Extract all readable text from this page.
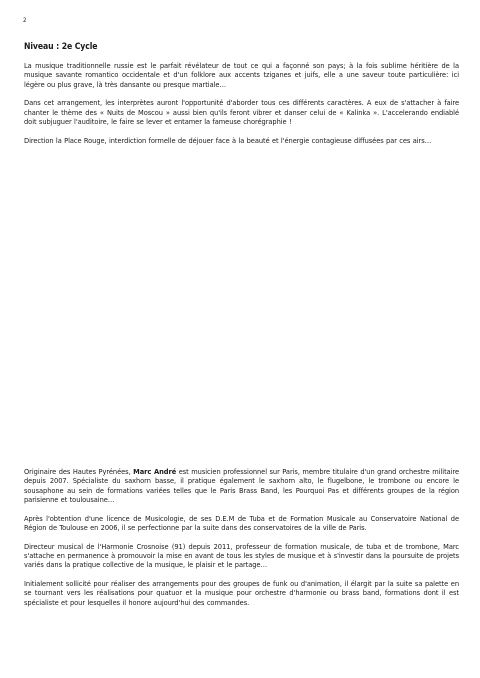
2
Niveau : 2e Cycle

La musique traditionnelle russie est le parfait révélateur de tout ce qui a façonné son pays; à la fois sublime héritière de la musique savante romantico occidentale et d'un folklore aux accents tziganes et juifs, elle a une saveur toute particulière: ici légère ou plus grave, là très dansante ou presque martiale…

Dans cet arrangement, les interprètes auront l'opportunité d'aborder tous ces différents caractères. A eux de s'attacher à faire chanter le thème des « Nuits de Moscou » aussi bien qu'ils feront vibrer et danser celui de « Kalinka ». L'accelerando endiablé doit subjuguer l'auditoire, le faire se lever et entamer la fameuse chorégraphie !

Direction la Place Rouge, interdiction formelle de déjouer face à la beauté et l'énergie contagieuse diffusées par ces airs…

Originaire des Hautes Pyrénées, Marc André est musicien professionnel sur Paris, membre titulaire d'un grand orchestre militaire depuis 2007. Spécialiste du saxhorn basse, il pratique également le saxhorn alto, le flugelbone, le trombone ou encore le sousaphone au sein de formations variées telles que le Paris Brass Band, les Pourquoi Pas et différents groupes de la région parisienne et toulousaine…

Après l'obtention d'une licence de Musicologie, de ses D.E.M de Tuba et de Formation Musicale au Conservatoire National de Région de Toulouse en 2006, il se perfectionne par la suite dans des conservatoires de la ville de Paris.

Directeur musical de l'Harmonie Crosnoise (91) depuis 2011, professeur de formation musicale, de tuba et de trombone, Marc s'attache en permanence à promouvoir la mise en avant de tous les styles de musique et à s'investir dans la poursuite de projets variés dans la pratique collective de la musique, le plaisir et le partage…

Initialement sollicité pour réaliser des arrangements pour des groupes de funk ou d'animation, il élargit par la suite sa palette en se tournant vers les réalisations pour quatuor et la musique pour orchestre d'harmonie ou brass band, formations dont il est spécialiste et pour lesquelles il honore aujourd'hui des commandes.
